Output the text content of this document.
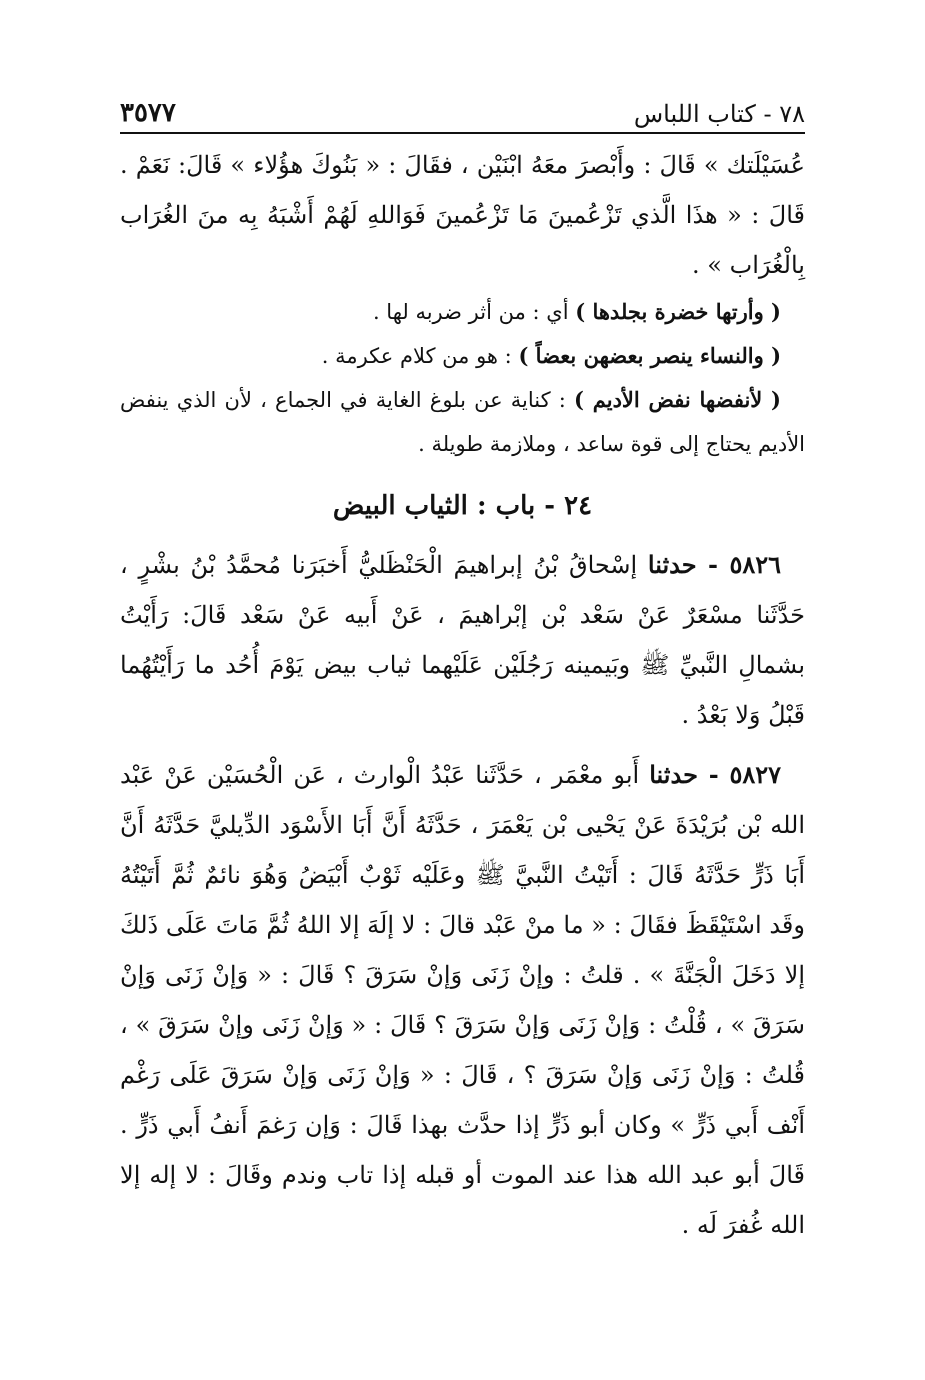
٧٨ - كتاب اللباس
٣٥٧٧

عُسَيْلَتك » قَالَ : وأَبْصرَ معَهُ ابْنَيْن ، فقَالَ : « بَنُوكَ هؤُلاء » قَالَ: نَعَمْ . قَالَ : « هذَا الَّذي تَزْعُمينَ مَا تَزْعُمينَ فَوَاللهِ لَهُمْ أَشْبَهُ بِه منَ الغُرَاب بِالْغُرَاب » .

( وأرتها خضرة بجلدها ) أي : من أثر ضربه لها .

( والنساء ينصر بعضهن بعضاً ) : هو من كلام عكرمة .

( لأنفضها نفض الأديم ) : كناية عن بلوغ الغاية في الجماع ، لأن الذي ينفض الأديم يحتاج إلى قوة ساعد ، وملازمة طويلة .

٢٤ - باب : الثياب البيض

٥٨٢٦ - حدثنا إسْحاقُ بْنُ إبراهيمَ الْحَنْظَليُّ أَخبَرَنا مُحمَّدُ بْنُ بشْرٍ ، حَدَّثَنا مسْعَرٌ عَنْ سَعْد بْن إبْراهيمَ ، عَنْ أَبيه عَنْ سَعْد قَالَ: رَأَيْتُ بشمالِ النَّبيِّ ﷺ وبَيمينه رَجُلَيْن عَلَيْهما ثياب بيض يَوْمَ أُحُد ما رَأَيْتُهُما قَبْلُ وَلا بَعْدُ .

٥٨٢٧ - حدثنا أَبو معْمَر ، حَدَّثَنا عَبْدُ الْوارث ، عَن الْحُسَيْن عَنْ عَبْد الله بْن بُرَيْدَةَ عَنْ يَحْيى بْن يَعْمَرَ ، حَدَّثَهُ أَنَّ أَبَا الأَسْوَد الدِّيليَّ حَدَّثَهُ أَنَّ أَبَا ذَرٍّ حَدَّثَهُ قَالَ : أَتَيْتُ النَّبيَّ ﷺ وعَلَيْه ثَوْبٌ أَبْيَضُ وَهُوَ نائمٌ ثُمَّ أَتَيْتُهُ وقَد اسْتَيْقَظَ فقَالَ : « ما منْ عَبْد قالَ : لا إلَهَ إلا اللهُ ثُمَّ مَاتَ عَلَى ذَلكَ إلا دَخَلَ الْجَنَّةَ » . قلتُ : وإنْ زَنَى وَإنْ سَرَقَ ؟ قَالَ : « وَإنْ زَنَى وَإنْ سَرَقَ » ، قُلْتُ : وَإنْ زَنَى وَإنْ سَرَقَ ؟ قَالَ : « وَإنْ زَنَى وإنْ سَرَقَ » ، قُلتُ : وَإنْ زَنَى وَإنْ سَرَقَ ؟ ، قَالَ : « وَإنْ زَنَى وَإنْ سَرَقَ عَلَى رَغْم أَنْف أَبي ذَرٍّ » وكان أبو ذَرٍّ إذا حدَّث بهذا قَالَ : وَإن رَغمَ أَنفُ أَبي ذَرٍّ . قَالَ أبو عبد الله هذا عند الموت أو قبله إذا تاب وندم وقَالَ : لا إله إلا الله غُفرَ لَه .
